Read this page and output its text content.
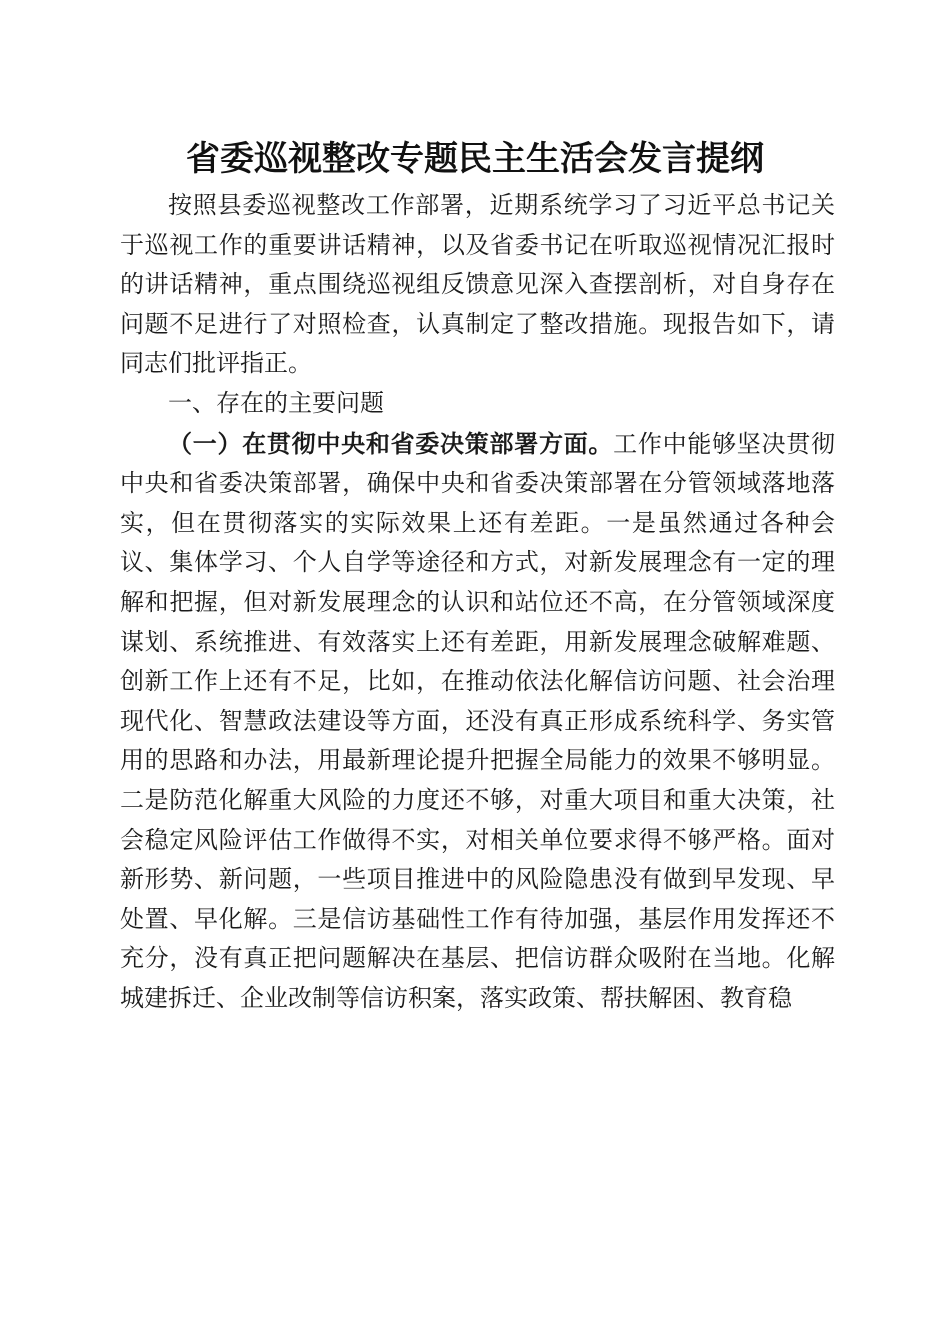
省委巡视整改专题民主生活会发言提纲

按照县委巡视整改工作部署，近期系统学习了习近平总书记关于巡视工作的重要讲话精神，以及省委书记在听取巡视情况汇报时的讲话精神，重点围绕巡视组反馈意见深入查摆剖析，对自身存在问题不足进行了对照检查，认真制定了整改措施。现报告如下，请同志们批评指正。

一、存在的主要问题

（一）在贯彻中央和省委决策部署方面。工作中能够坚决贯彻中央和省委决策部署，确保中央和省委决策部署在分管领域落地落实，但在贯彻落实的实际效果上还有差距。一是虽然通过各种会议、集体学习、个人自学等途径和方式，对新发展理念有一定的理解和把握，但对新发展理念的认识和站位还不高，在分管领域深度谋划、系统推进、有效落实上还有差距，用新发展理念破解难题、创新工作上还有不足，比如，在推动依法化解信访问题、社会治理现代化、智慧政法建设等方面，还没有真正形成系统科学、务实管用的思路和办法，用最新理论提升把握全局能力的效果不够明显。二是防范化解重大风险的力度还不够，对重大项目和重大决策，社会稳定风险评估工作做得不实，对相关单位要求得不够严格。面对新形势、新问题，一些项目推进中的风险隐患没有做到早发现、早处置、早化解。三是信访基础性工作有待加强，基层作用发挥还不充分，没有真正把问题解决在基层、把信访群众吸附在当地。化解城建拆迁、企业改制等信访积案，落实政策、帮扶解困、教育稳
